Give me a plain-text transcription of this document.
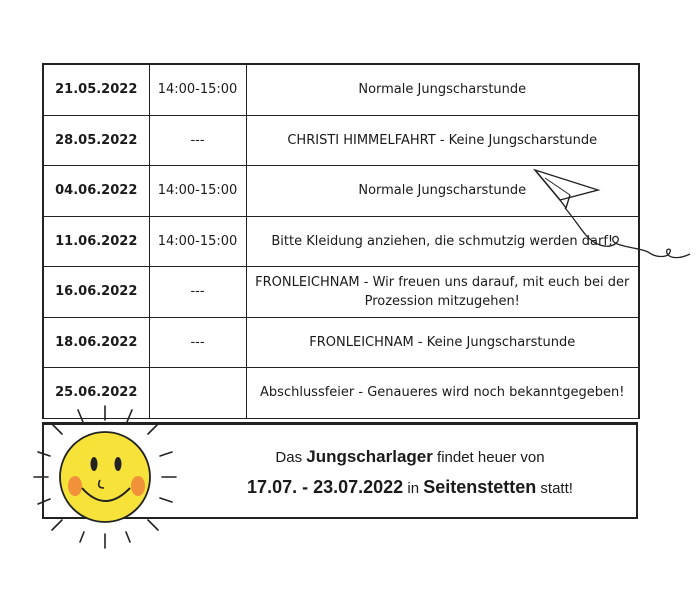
21.05.2022	14:00-15:00	Normale Jungscharstunde
28.05.2022	---	CHRISTI HIMMELFAHRT - Keine Jungscharstunde
04.06.2022	14:00-15:00	Normale Jungscharstunde
11.06.2022	14:00-15:00	Bitte Kleidung anziehen, die schmutzig werden darf!
16.06.2022	---	FRONLEICHNAM - Wir freuen uns darauf, mit euch bei der Prozession mitzugehen!
18.06.2022	---	FRONLEICHNAM - Keine Jungscharstunde
25.06.2022		Abschlussfeier - Genaueres wird noch bekanntgegeben!
Das Jungscharlager findet heuer von
17.07. - 23.07.2022 in Seitenstetten statt!
